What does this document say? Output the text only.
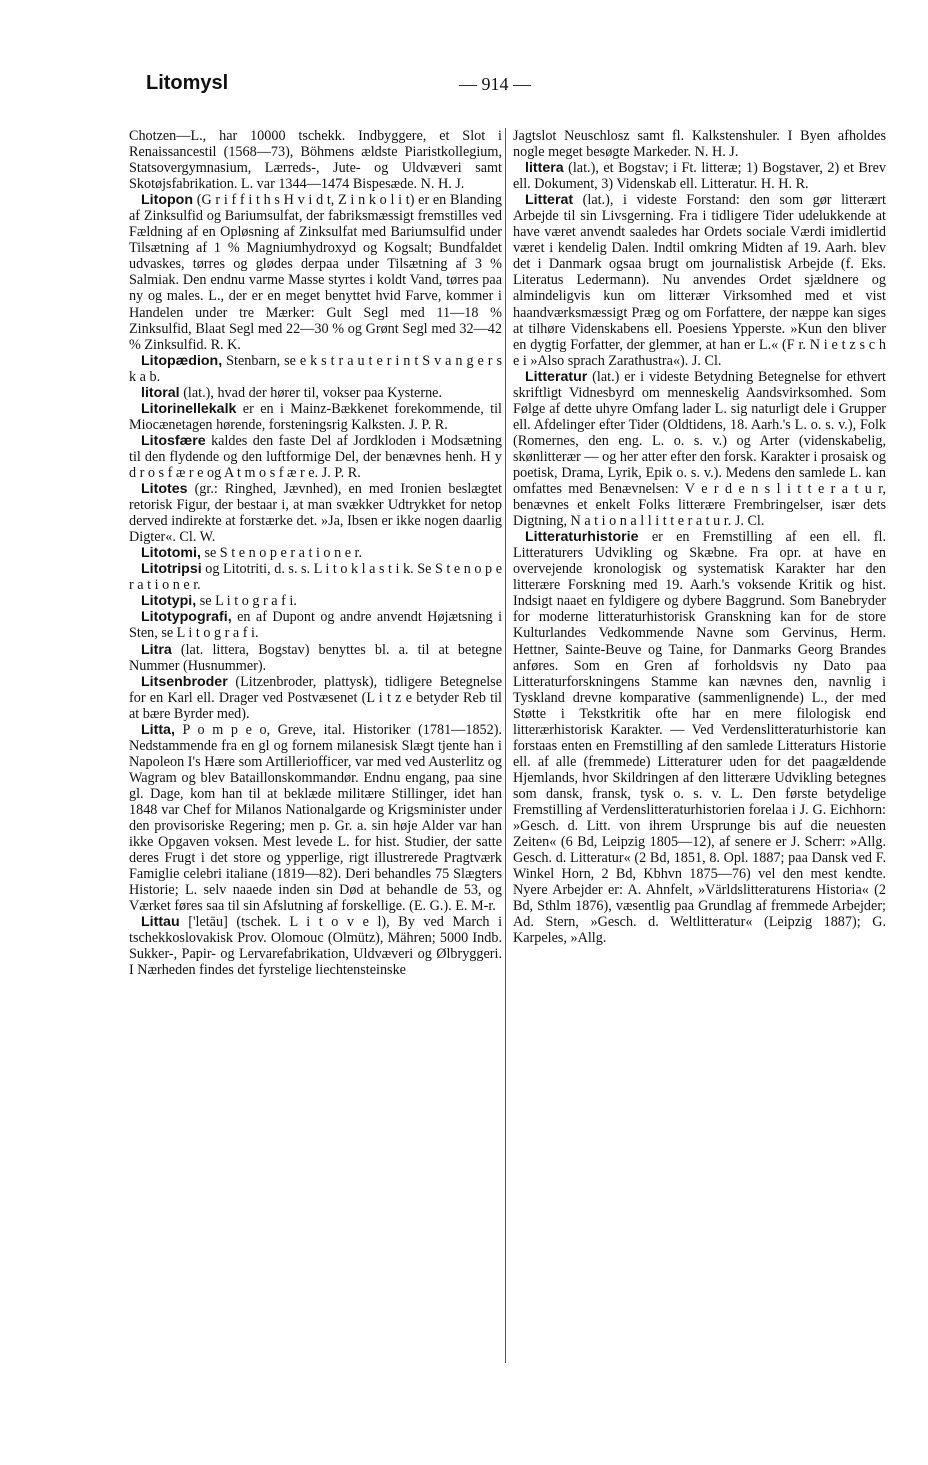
Litomysl	— 914 —

Chotzen—L., har 10000 tschekk. Indbyggere, et Slot i Renaissancestil (1568—73), Böhmens ældste Piaristkollegium, Statsovergymnasium, Lærreds-, Jute- og Uldvæveri samt Skotøjsfabrikation. L. var 1344—1474 Bispesæde. N. H. J.

Litopon (G r i f f i t h s H v i d t, Z i n k o l i t) er en Blanding af Zinksulfid og Bariumsulfat, der fabriksmæssigt fremstilles ved Fældning af en Opløsning af Zinksulfat med Bariumsulfid under Tilsætning af 1 % Magniumhydroxyd og Kogsalt; Bundfaldet udvaskes, tørres og glødes derpaa under Tilsætning af 3 % Salmiak. Den endnu varme Masse styrtes i koldt Vand, tørres paa ny og males. L., der er en meget benyttet hvid Farve, kommer i Handelen under tre Mærker: Gult Segl med 11—18 % Zinksulfid, Blaat Segl med 22—30 % og Grønt Segl med 32—42 % Zinksulfid. R. K.

Litopædion, Stenbarn, se e k s t r a u t e r i n t S v a n g e r s k a b.

litoral (lat.), hvad der hører til, vokser paa Kysterne.

Litorinellekalk er en i Mainz-Bækkenet forekommende, til Miocænetagen hørende, forsteningsrig Kalksten. J. P. R.

Litosfære kaldes den faste Del af Jordkloden i Modsætning til den flydende og den luftformige Del, der benævnes henh. H y d r o s f æ r e og A t m o s f æ r e. J. P. R.

Litotes (gr.: Ringhed, Jævnhed), en med Ironien beslægtet retorisk Figur, der bestaar i, at man svækker Udtrykket for netop derved indirekte at forstærke det. »Ja, Ibsen er ikke nogen daarlig Digter«. Cl. W.

Litotomi, se S t e n o p e r a t i o n e r.

Litotripsi og Litotriti, d. s. s. L i t o k l a s t i k. Se S t e n o p e r a t i o n e r.

Litotypi, se L i t o g r a f i.

Litotypografi, en af Dupont og andre anvendt Højætsning i Sten, se L i t o g r a f i.

Litra (lat. littera, Bogstav) benyttes bl. a. til at betegne Nummer (Husnummer).

Litsenbroder (Litzenbroder, plattysk), tidligere Betegnelse for en Karl ell. Drager ved Postvæsenet (L i t z e betyder Reb til at bære Byrder med).

Litta, P o m p e o, Greve, ital. Historiker (1781—1852). Nedstammende fra en gl og fornem milanesisk Slægt tjente han i Napoleon I's Hære som Artilleriofficer, var med ved Austerlitz og Wagram og blev Bataillonskommandør. Endnu engang, paa sine gl. Dage, kom han til at beklæde militære Stillinger, idet han 1848 var Chef for Milanos Nationalgarde og Krigsminister under den provisoriske Regering; men p. Gr. a. sin høje Alder var han ikke Opgaven voksen. Mest levede L. for hist. Studier, der satte deres Frugt i det store og ypperlige, rigt illustrerede Pragtværk Famiglie celebri italiane (1819—82). Deri behandles 75 Slægters Historie; L. selv naaede inden sin Død at behandle de 53, og Værket føres saa til sin Afslutning af forskellige. (E. G.). E. M-r.

Littau ['letāu] (tschek. L i t o v e l), By ved March i tschekkoslovakisk Prov. Olomouc (Olmütz), Mähren; 5000 Indb. Sukker-, Papir- og Lervarefabrikation, Uldvæveri og Ølbryggeri. I Nærheden findes det fyrstelige liechtensteinske

Jagtslot Neuschlosz samt fl. Kalkstenshuler. I Byen afholdes nogle meget besøgte Markeder. N. H. J.

littera (lat.), et Bogstav; i Ft. litteræ; 1) Bogstaver, 2) et Brev ell. Dokument, 3) Videnskab ell. Litteratur. H. H. R.

Litterat (lat.), i videste Forstand: den som gør litterært Arbejde til sin Livsgerning. Fra i tidligere Tider udelukkende at have været anvendt saaledes har Ordets sociale Værdi imidlertid været i kendelig Dalen. Indtil omkring Midten af 19. Aarh. blev det i Danmark ogsaa brugt om journalistisk Arbejde (f. Eks. Literatus Ledermann). Nu anvendes Ordet sjældnere og almindeligvis kun om litterær Virksomhed med et vist haandværksmæssigt Præg og om Forfattere, der næppe kan siges at tilhøre Videnskabens ell. Poesiens Ypperste. »Kun den bliver en dygtig Forfatter, der glemmer, at han er L.« (F r. N i e t z s c h e i »Also sprach Zarathustra«). J. Cl.

Litteratur (lat.) er i videste Betydning Betegnelse for ethvert skriftligt Vidnesbyrd om menneskelig Aandsvirksomhed. Som Følge af dette uhyre Omfang lader L. sig naturligt dele i Grupper ell. Afdelinger efter Tider (Oldtidens, 18. Aarh.'s L. o. s. v.), Folk (Romernes, den eng. L. o. s. v.) og Arter (videnskabelig, skønlitterær — og her atter efter den forsk. Karakter i prosaisk og poetisk, Drama, Lyrik, Epik o. s. v.). Medens den samlede L. kan omfattes med Benævnelsen: V e r d e n s l i t t e r a t u r, benævnes et enkelt Folks litterære Frembringelser, især dets Digtning, N a t i o n a l l i t t e r a t u r. J. Cl.

Litteraturhistorie er en Fremstilling af een ell. fl. Litteraturers Udvikling og Skæbne. Fra opr. at have en overvejende kronologisk og systematisk Karakter har den litterære Forskning med 19. Aarh.'s voksende Kritik og hist. Indsigt naaet en fyldigere og dybere Baggrund. Som Banebryder for moderne litteraturhistorisk Granskning kan for de store Kulturlandes Vedkommende Navne som Gervinus, Herm. Hettner, Sainte-Beuve og Taine, for Danmarks Georg Brandes anføres. Som en Gren af forholdsvis ny Dato paa Litteraturforskningens Stamme kan nævnes den, navnlig i Tyskland drevne komparative (sammenlignende) L., der med Støtte i Tekstkritik ofte har en mere filologisk end litterærhistorisk Karakter. — Ved Verdenslitteraturhistorie kan forstaas enten en Fremstilling af den samlede Litteraturs Historie ell. af alle (fremmede) Litteraturer uden for det paagældende Hjemlands, hvor Skildringen af den litterære Udvikling betegnes som dansk, fransk, tysk o. s. v. L. Den første betydelige Fremstilling af Verdenslitteraturhistorien forelaa i J. G. Eichhorn: »Gesch. d. Litt. von ihrem Ursprunge bis auf die neuesten Zeiten« (6 Bd, Leipzig 1805—12), af senere er J. Scherr: »Allg. Gesch. d. Litteratur« (2 Bd, 1851, 8. Opl. 1887; paa Dansk ved F. Winkel Horn, 2 Bd, Kbhvn 1875—76) vel den mest kendte. Nyere Arbejder er: A. Ahnfelt, »Världslitteraturens Historia« (2 Bd, Sthlm 1876), væsentlig paa Grundlag af fremmede Arbejder; Ad. Stern, »Gesch. d. Weltlitteratur« (Leipzig 1887); G. Karpeles, »Allg.
